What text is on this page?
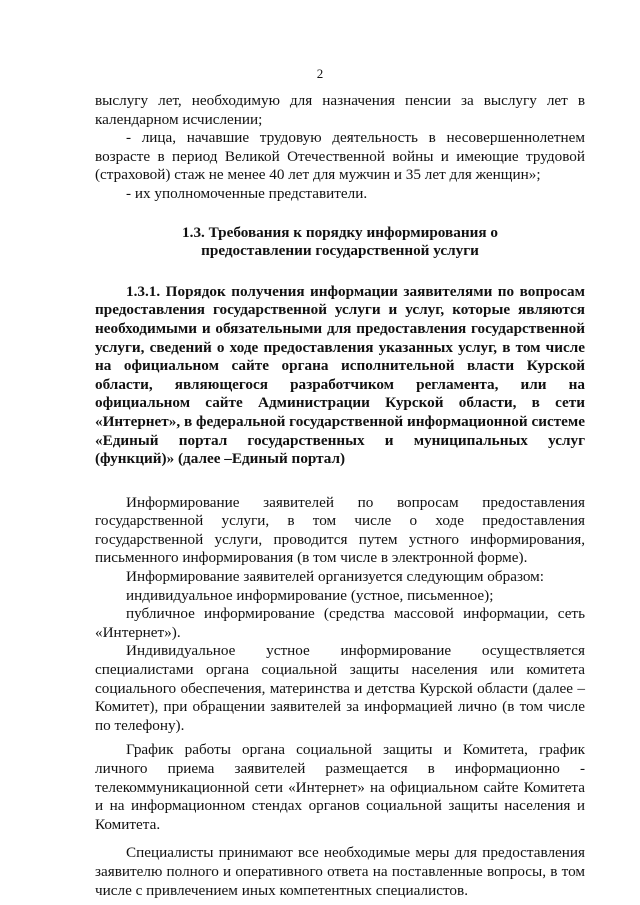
2

выслугу лет, необходимую для назначения пенсии за выслугу лет в календарном исчислении;

- лица, начавшие трудовую деятельность в несовершеннолетнем возрасте в период Великой Отечественной войны и имеющие трудовой (страховой) стаж не менее 40 лет для мужчин и 35 лет для женщин»;

- их уполномоченные представители.

1.3. Требования к порядку информирования о предоставлении государственной услуги

1.3.1. Порядок получения информации заявителями по вопросам предоставления государственной услуги и услуг, которые являются необходимыми и обязательными для предоставления государственной услуги, сведений о ходе предоставления указанных услуг, в том числе на официальном сайте органа исполнительной власти Курской области, являющегося разработчиком регламента, или на официальном сайте Администрации Курской области, в сети «Интернет», в федеральной государственной информационной системе «Единый портал государственных и муниципальных услуг (функций)» (далее –Единый портал)

Информирование заявителей по вопросам предоставления государственной услуги, в том числе о ходе предоставления государственной услуги, проводится путем устного информирования, письменного информирования (в том числе в электронной форме).

Информирование заявителей организуется следующим образом:

индивидуальное информирование (устное, письменное);

публичное информирование (средства массовой информации, сеть «Интернет»).

Индивидуальное устное информирование осуществляется специалистами органа социальной защиты населения или комитета социального обеспечения, материнства и детства Курской области (далее – Комитет), при обращении заявителей за информацией лично (в том числе по телефону).

График работы органа социальной защиты и Комитета, график личного приема заявителей размещается в информационно - телекоммуникационной сети «Интернет» на официальном сайте Комитета и на информационном стендах органов социальной защиты населения и Комитета.

Специалисты принимают все необходимые меры для предоставления заявителю полного и оперативного ответа на поставленные вопросы, в том числе с привлечением иных компетентных специалистов.
